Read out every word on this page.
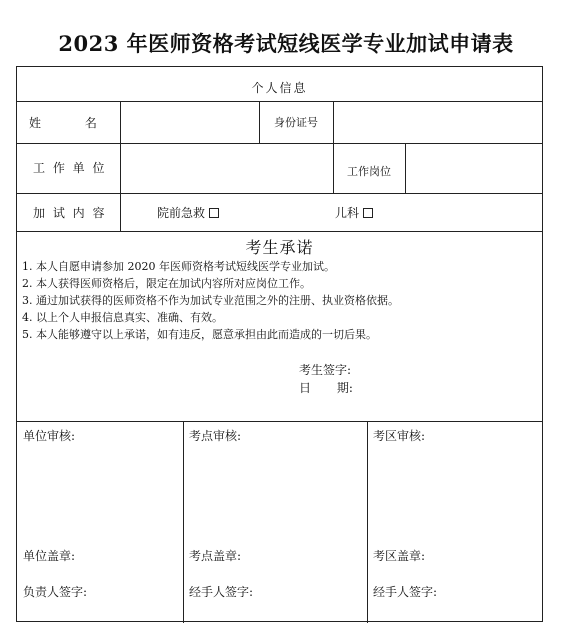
2023 年医师资格考试短线医学专业加试申请表
个人信息
姓 名	身份证号
工 作 单 位	工作岗位
加 试 内 容	院前急救	儿科
考生承诺
1. 本人自愿申请参加 2020 年医师资格考试短线医学专业加试。
2. 本人获得医师资格后，限定在加试内容所对应岗位工作。
3. 通过加试获得的医师资格不作为加试专业范围之外的注册、执业资格依据。
4. 以上个人申报信息真实、准确、有效。
5. 本人能够遵守以上承诺，如有违反，愿意承担由此而造成的一切后果。
考生签字:
日 期:
单位审核:
单位盖章:
负责人签字:
考点审核:
考点盖章:
经手人签字:
考区审核:
考区盖章:
经手人签字:
